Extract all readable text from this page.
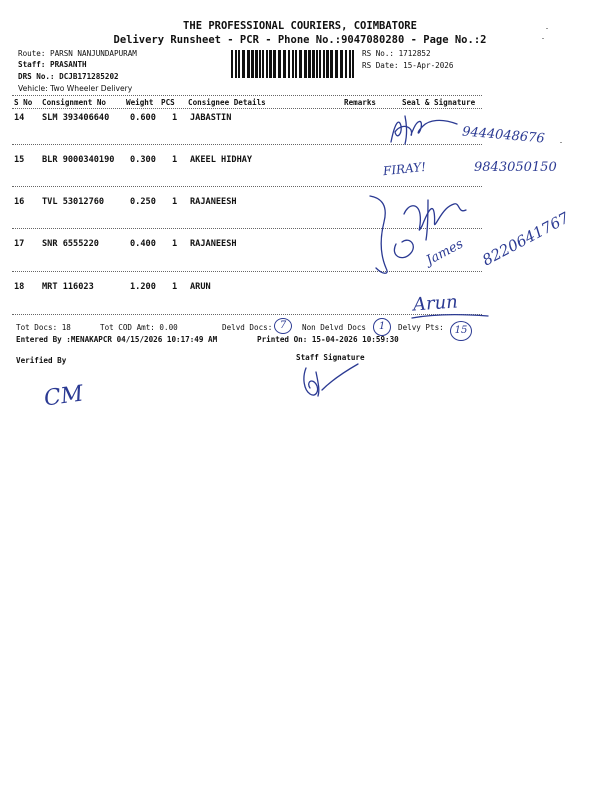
THE PROFESSIONAL COURIERS, COIMBATORE
Delivery Runsheet - PCR - Phone No.:9047080280 - Page No.:2
Route: PARSN NANJUNDAPURAM
Staff: PRASANTH
DRS No.: DCJB171285202
Vehicle: Two Wheeler Delivery
RS No.: 1712852
RS Date: 15-Apr-2026
S No Consignment No	Weight PCS Consignee Details	Remarks	Seal & Signature
14 SLM 393406640 0.600 1 JABASTIN
15 BLR 9000340190 0.300 1 AKEEL HIDHAY
16 TVL 53012760	0.250 1 RAJANEESH
17 SNR 6555220	0.400 1 RAJANEESH
18 MRT 116023	1.200 1 ARUN
Tot Docs: 18	Tot COD Amt: 0.00	Delvd Docs:	Non Delvd Docs	Delvy Pts:
Entered By :MENAKAPCR 04/15/2026 10:17:49 AM	Printed On: 15-04-2026 10:59:30
Verified By	Staff Signature
9444048676
FIRAY!	9843050150
James 8220641767
Arun
7	1	15
CM
